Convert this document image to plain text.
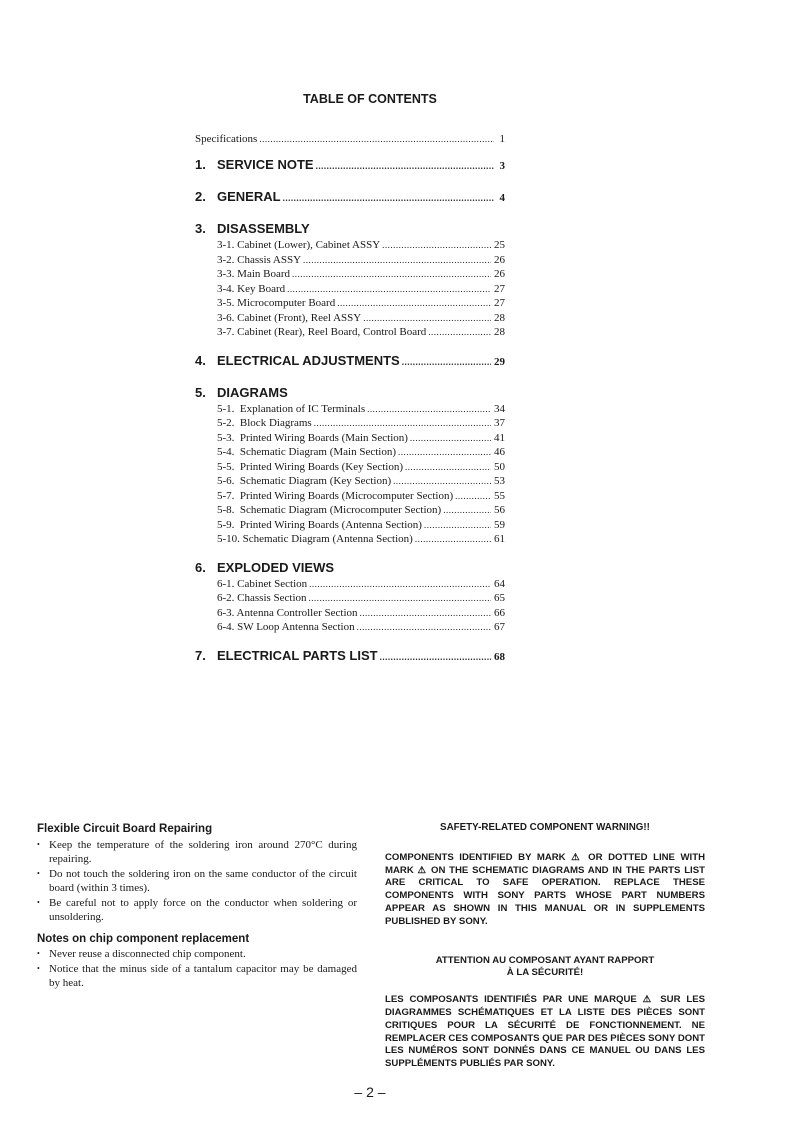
TABLE OF CONTENTS
Specifications .....	1
1. SERVICE NOTE .....	3
2. GENERAL .....	4
3. DISASSEMBLY
3-1. Cabinet (Lower), Cabinet ASSY .....	25
3-2. Chassis ASSY .....	26
3-3. Main Board .....	26
3-4. Key Board .....	27
3-5. Microcomputer Board .....	27
3-6. Cabinet (Front), Reel ASSY .....	28
3-7. Cabinet (Rear), Reel Board, Control Board .....	28
4. ELECTRICAL ADJUSTMENTS .....	29
5. DIAGRAMS
5-1.  Explanation of IC Terminals .....	34
5-2.  Block Diagrams .....	37
5-3.  Printed Wiring Boards (Main Section) .....	41
5-4.  Schematic Diagram (Main Section) .....	46
5-5.  Printed Wiring Boards (Key Section) .....	50
5-6.  Schematic Diagram (Key Section) .....	53
5-7.  Printed Wiring Boards (Microcomputer Section) .....	55
5-8.  Schematic Diagram (Microcomputer Section) .....	56
5-9.  Printed Wiring Boards (Antenna Section) .....	59
5-10. Schematic Diagram (Antenna Section) .....	61
6. EXPLODED VIEWS
6-1. Cabinet Section .....	64
6-2. Chassis Section .....	65
6-3. Antenna Controller Section .....	66
6-4. SW Loop Antenna Section .....	67
7. ELECTRICAL PARTS LIST .....	68
Flexible Circuit Board Repairing
• Keep the temperature of the soldering iron around 270°C during repairing.
• Do not touch the soldering iron on the same conductor of the circuit board (within 3 times).
• Be careful not to apply force on the conductor when soldering or unsoldering.
Notes on chip component replacement
• Never reuse a disconnected chip component.
• Notice that the minus side of a tantalum capacitor may be damaged by heat.
SAFETY-RELATED COMPONENT WARNING!!
COMPONENTS IDENTIFIED BY MARK ⚠ OR DOTTED LINE WITH MARK ⚠ ON THE SCHEMATIC DIAGRAMS AND IN THE PARTS LIST ARE CRITICAL TO SAFE OPERATION. REPLACE THESE COMPONENTS WITH SONY PARTS WHOSE PART NUMBERS APPEAR AS SHOWN IN THIS MANUAL OR IN SUPPLEMENTS PUBLISHED BY SONY.
ATTENTION AU COMPOSANT AYANT RAPPORT
À LA SÉCURITÉ!
LES COMPOSANTS IDENTIFIÉS PAR UNE MARQUE ⚠ SUR LES DIAGRAMMES SCHÉMATIQUES ET LA LISTE DES PIÈCES SONT CRITIQUES POUR LA SÉCURITÉ DE FONCTIONNEMENT. NE REMPLACER CES COMPOSANTS QUE PAR DES PIÈCES SONY DONT LES NUMÉROS SONT DONNÉS DANS CE MANUEL OU DANS LES SUPPLÉMENTS PUBLIÉS PAR SONY.
– 2 –
